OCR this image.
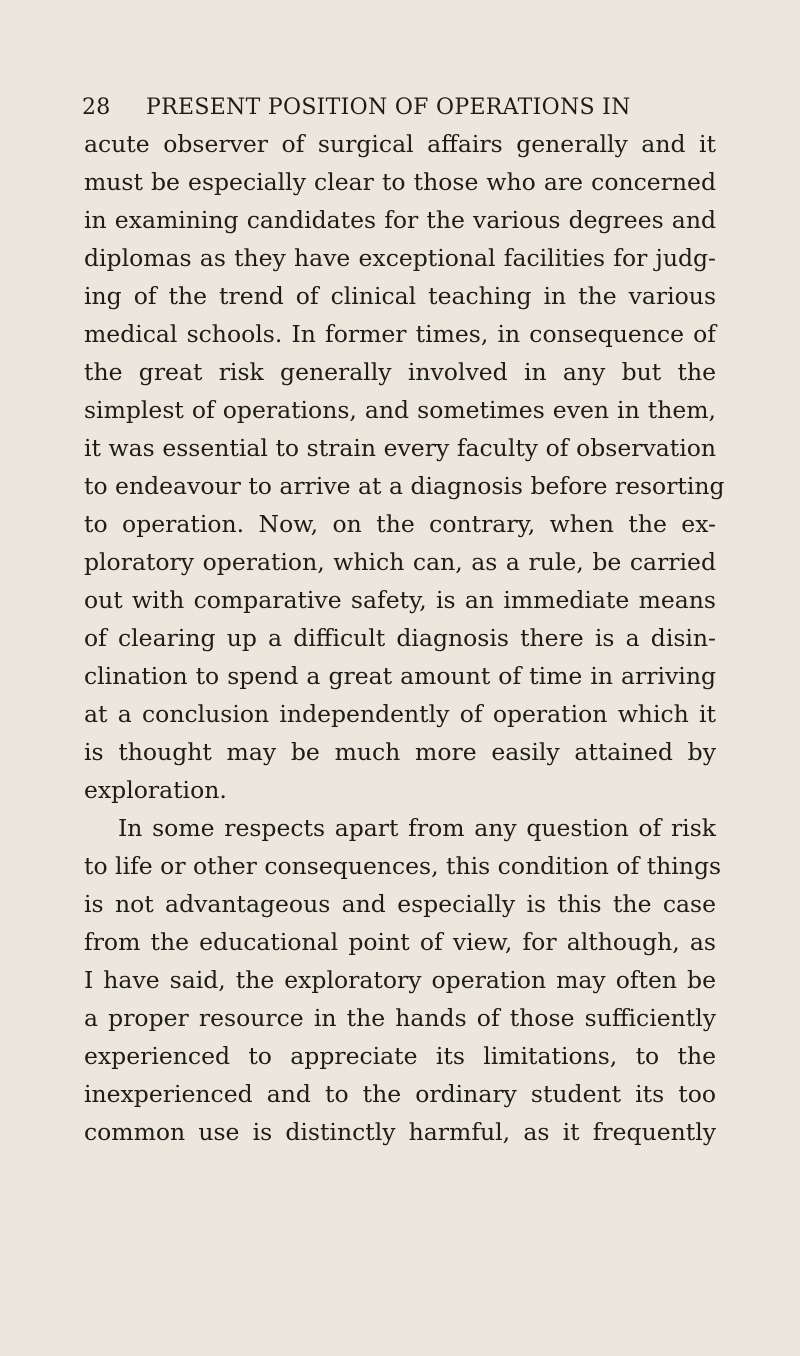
28 PRESENT POSITION OF OPERATIONS IN
acute observer of surgical affairs generally and it
must be especially clear to those who are concerned
in examining candidates for the various degrees and
diplomas as they have exceptional facilities for judg-
ing of the trend of clinical teaching in the various
medical schools. In former times, in consequence of
the great risk generally involved in any but the
simplest of operations, and sometimes even in them,
it was essential to strain every faculty of observation
to endeavour to arrive at a diagnosis before resorting
to operation. Now, on the contrary, when the ex-
ploratory operation, which can, as a rule, be carried
out with comparative safety, is an immediate means
of clearing up a difficult diagnosis there is a disin-
clination to spend a great amount of time in arriving
at a conclusion independently of operation which it
is thought may be much more easily attained by
exploration.
In some respects apart from any question of risk
to life or other consequences, this condition of things
is not advantageous and especially is this the case
from the educational point of view, for although, as
I have said, the exploratory operation may often be
a proper resource in the hands of those sufficiently
experienced to appreciate its limitations, to the
inexperienced and to the ordinary student its too
common use is distinctly harmful, as it frequently
